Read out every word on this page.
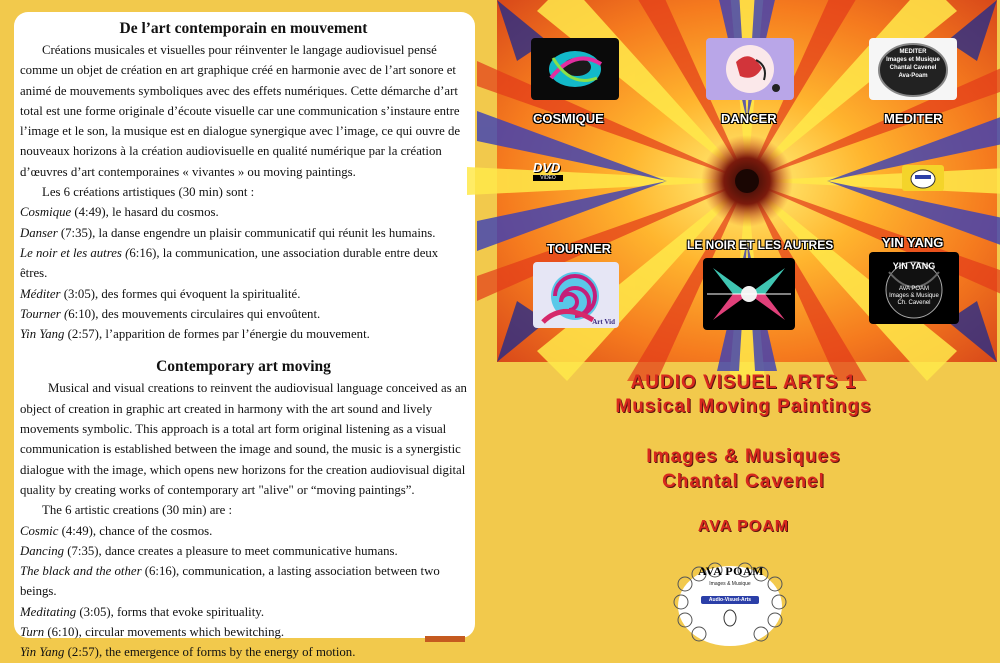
De l’art contemporain en mouvement

Créations musicales et visuelles pour réinventer le langage audiovisuel pensé comme un objet de création en art graphique créé en harmonie avec de l’art sonore et animé de mouvements symboliques avec des effets numériques. Cette démarche d’art total est une forme originale d’écoute visuelle car une communication s’instaure entre l’image et le son, la musique est en dialogue synergique avec l’image, ce qui ouvre de nouveaux horizons à la création audiovisuelle en qualité numérique par la création d’œuvres d’art contemporaines « vivantes » ou moving paintings.

Les 6 créations artistiques (30 min) sont :

Cosmique (4:49), le hasard du cosmos.
Danser (7:35), la danse engendre un plaisir communicatif qui réunit les humains.
Le noir et les autres (6:16), la communication, une association durable entre deux êtres.
Méditer (3:05), des formes qui évoquent la spiritualité.
Tourner (6:10), des mouvements circulaires qui envoûtent.
Yin Yang (2:57), l’apparition de formes par l’énergie du mouvement.
Contemporary art moving

Musical and visual creations to reinvent the audiovisual language conceived as an object of creation in graphic art created in harmony with the art sound and lively movements symbolic. This approach is a total art form original listening as a visual communication is established between the image and sound, the music is a synergistic dialogue with the image, which opens new horizons for the creation audiovisual digital quality by creating works of contemporary art "alive" or “moving paintings”.

The 6 artistic creations (30 min) are :

Cosmic (4:49), chance of the cosmos.
Dancing (7:35), dance creates a pleasure to meet communicative humans.
The black and the other (6:16), communication, a lasting association between two beings.
Meditating (3:05), forms that evoke spirituality.
Turn (6:10), circular movements which bewitching.
Yin Yang (2:57), the emergence of forms by the energy of motion.
COSMIQUE	DANCER
MEDITER
Images et Musique
Chantal Cavenel
Ava-Poam
MEDITER
DVD
VIDEO
TOURNER
Art Vid
LE NOIR ET LES AUTRES	YIN YANG
YIN YANG
AVA POAM
Images & Musique
Ch. Cavenel
AUDIO VISUEL ARTS 1
Musical Moving Paintings
Images & Musiques
Chantal Cavenel
AVA POAM
AVA POAM
Images & Musique
Audio-Visuel-Arts
